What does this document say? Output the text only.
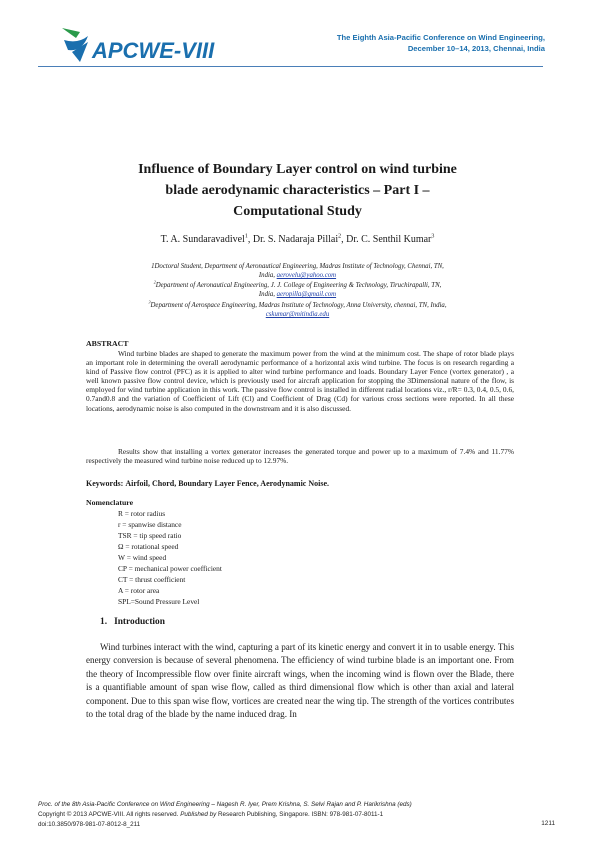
APCWE-VIII
The Eighth Asia-Pacific Conference on Wind Engineering,
December 10–14, 2013, Chennai, India
Influence of Boundary Layer control on wind turbine
blade aerodynamic characteristics – Part I –
Computational Study
T. A. Sundaravadivel$^1$, Dr. S. Nadaraja Pillai$^2$, Dr. C. Senthil Kumar$^3$
1Doctoral Student, Department of Aeronautical Engineering, Madras Institute of Technology, Chennai, TN,
India, aerovelu@yahoo.com
$^2$Department of Aeronautical Engineering, J. J. College of Engineering & Technology, Tiruchirapalli, TN,
India, aeropilla@gmail.com
$^3$Department of Aerospace Engineering, Madras Institute of Technology, Anna University, chennai, TN, India,
cskumar@mitindia.edu
ABSTRACT
Wind turbine blades are shaped to generate the maximum power from the wind at the minimum cost. The shape of rotor blade plays an important role in determining the overall aerodynamic performance of a horizontal axis wind turbine. The focus is on research regarding a kind of Passive flow control (PFC) as it is applied to alter wind turbine performance and loads. Boundary Layer Fence (vortex generator) , a well known passive flow control device, which is previously used for aircraft application for stopping the 3Dimensional nature of the flow, is employed for wind turbine application in this work. The passive flow control is installed in different radial locations viz., r/R= 0.3, 0.4, 0.5, 0.6, 0.7and0.8 and the variation of Coefficient of Lift (Cl) and Coefficient of Drag (Cd) for various cross sections were reported. In all these locations, aerodynamic noise is also computed in the downstream and it is also discussed.
Results show that installing a vortex generator increases the generated torque and power up to a maximum of 7.4% and 11.77% respectively the measured wind turbine noise reduced up to 12.97%.
Keywords: Airfoil, Chord, Boundary Layer Fence, Aerodynamic Noise.
Nomenclature
R = rotor radius
r = spanwise distance
TSR = tip speed ratio
Ω = rotational speed
W = wind speed
CP = mechanical power coefficient
CT = thrust coefficient
A = rotor area
SPL=Sound Pressure Level
1.   Introduction
Wind turbines interact with the wind, capturing a part of its kinetic energy and convert it in to usable energy. This energy conversion is because of several phenomena. The efficiency of wind turbine blade is an important one. From the theory of Incompressible flow over finite aircraft wings, when the incoming wind is flown over the Blade, there is a quantifiable amount of span wise flow, called as third dimensional flow which is other than axial and lateral component. Due to this span wise flow, vortices are created near the wing tip. The strength of the vortices contributes to the total drag of the blade by the name induced drag. In
Proc. of the 8th Asia-Pacific Conference on Wind Engineering – Nagesh R. Iyer, Prem Krishna, S. Selvi Rajan and P. Harikrishna (eds)
Copyright © 2013 APCWE-VIII. All rights reserved. Published by Research Publishing, Singapore. ISBN: 978-981-07-8011-1
doi:10.3850/978-981-07-8012-8_211	1211
